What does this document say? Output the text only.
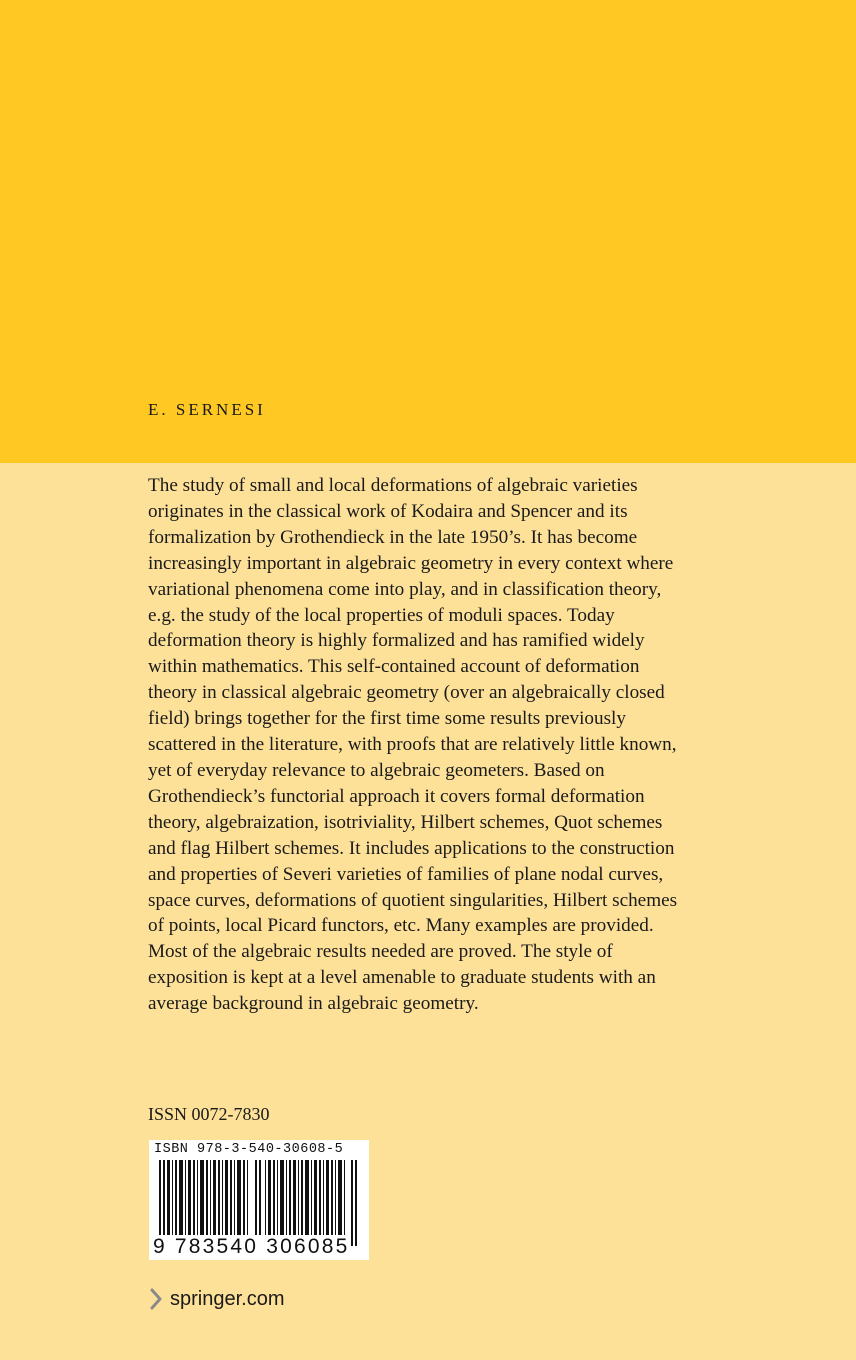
E. SERNESI

The study of small and local deformations of algebraic varieties originates in the classical work of Kodaira and Spencer and its formalization by Grothendieck in the late 1950’s. It has become increasingly important in algebraic geometry in every context where variational phenomena come into play, and in classification theory, e.g. the study of the local properties of moduli spaces. Today deformation theory is highly formalized and has ramified widely within mathematics. This self-contained account of deformation theory in classical algebraic geometry (over an algebraically closed field) brings together for the first time some results previously scattered in the literature, with proofs that are relatively little known, yet of everyday relevance to algebraic geometers. Based on Grothendieck’s functorial approach it covers formal deformation theory, algebraization, isotriviality, Hilbert schemes, Quot schemes and flag Hilbert schemes. It includes applications to the construction and properties of Severi varieties of families of plane nodal curves, space curves, deformations of quotient singularities, Hilbert schemes of points, local Picard functors, etc. Many examples are provided. Most of the algebraic results needed are proved. The style of exposition is kept at a level amenable to graduate students with an average background in algebraic geometry.

ISSN 0072-7830
ISBN 978-3-540-30608-5
9 783540 306085
springer.com
